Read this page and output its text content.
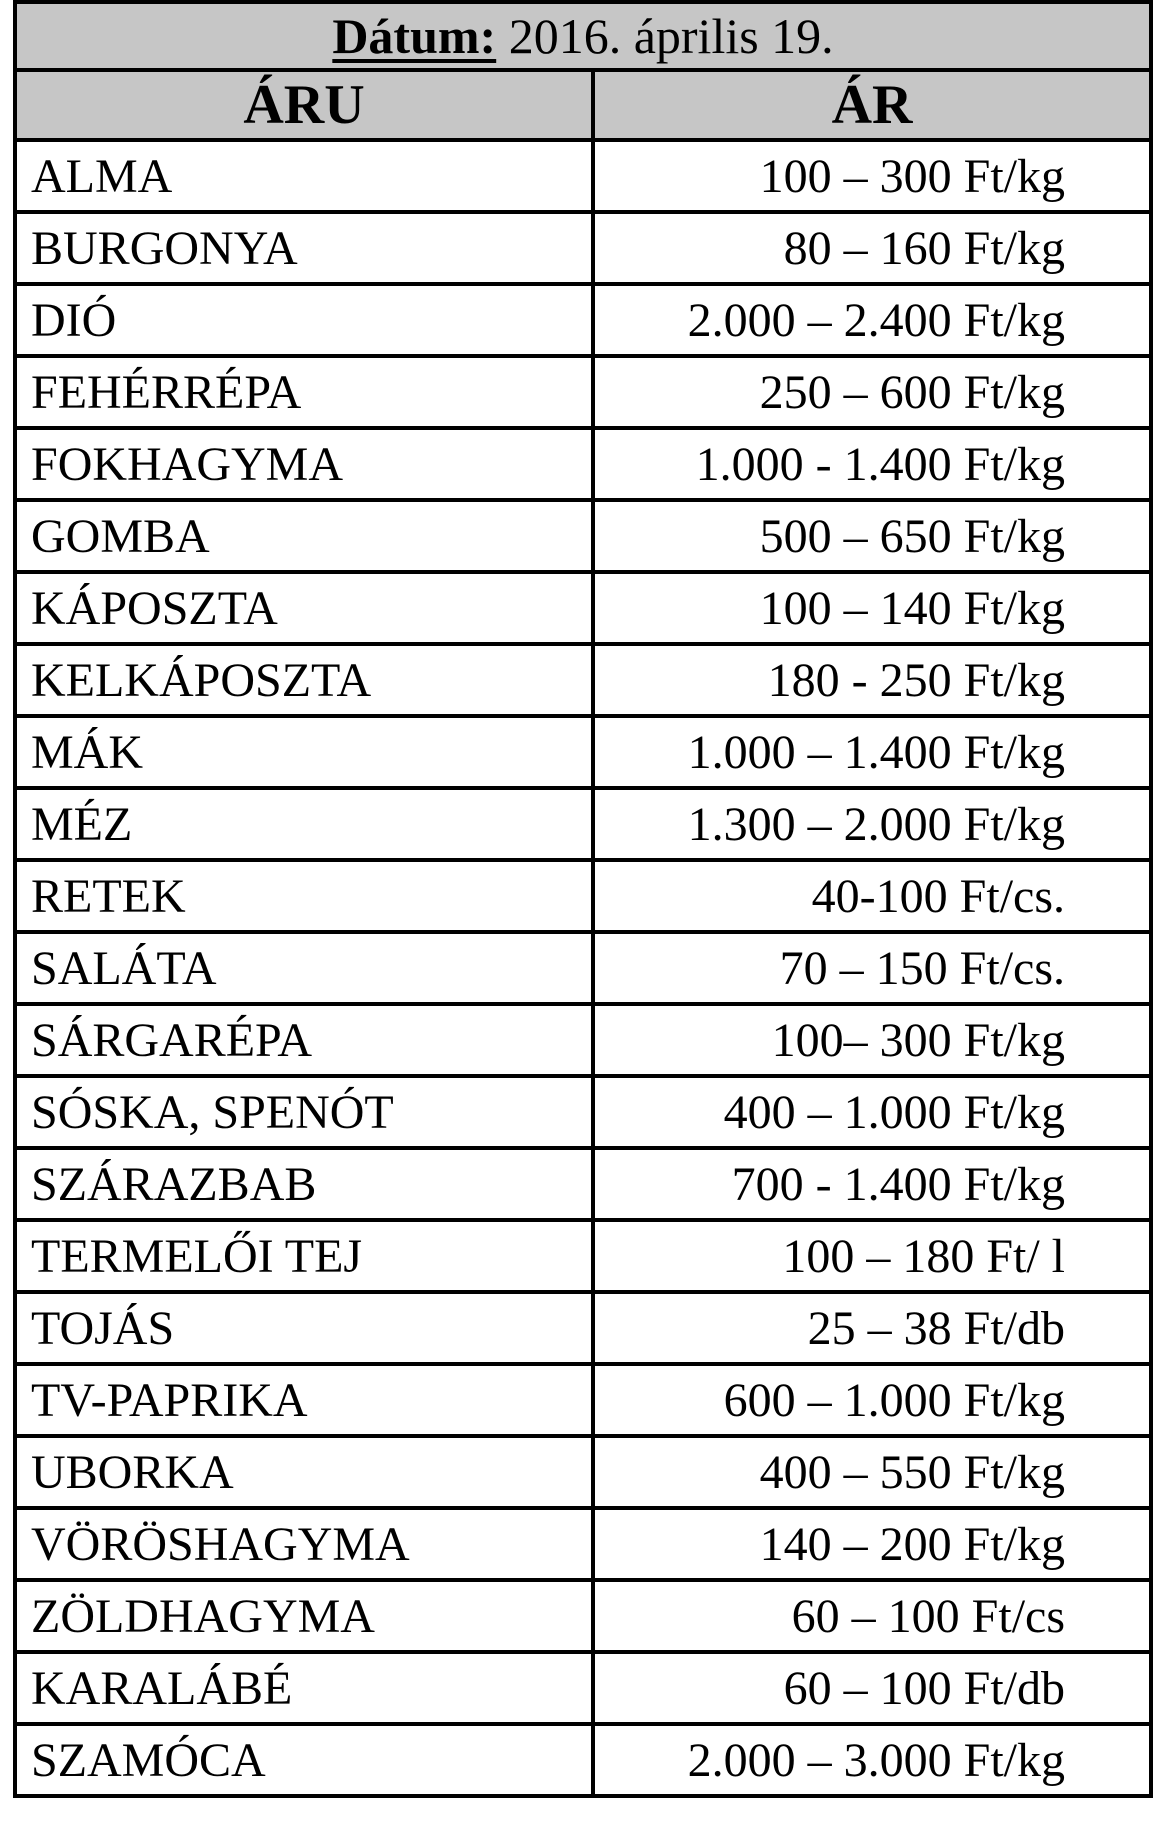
Dátum: 2016. április 19.	
ÁRU	ÁR
ALMA	100 – 300 Ft/kg
BURGONYA	80 – 160 Ft/kg
DIÓ	2.000 – 2.400 Ft/kg
FEHÉRRÉPA	250 – 600 Ft/kg
FOKHAGYMA	1.000 - 1.400 Ft/kg
GOMBA	500 – 650 Ft/kg
KÁPOSZTA	100 – 140 Ft/kg
KELKÁPOSZTA	180 - 250 Ft/kg
MÁK	1.000 – 1.400 Ft/kg
MÉZ	1.300 – 2.000 Ft/kg
RETEK	40-100 Ft/cs.
SALÁTA	70 – 150 Ft/cs.
SÁRGARÉPA	100– 300 Ft/kg
SÓSKA, SPENÓT	400 – 1.000 Ft/kg
SZÁRAZBAB	700 - 1.400 Ft/kg
TERMELŐI TEJ	100 – 180 Ft/ l
TOJÁS	25 – 38 Ft/db
TV-PAPRIKA	600 – 1.000 Ft/kg
UBORKA	400 – 550 Ft/kg
VÖRÖSHAGYMA	140 – 200 Ft/kg
ZÖLDHAGYMA	60 – 100 Ft/cs
KARALÁBÉ	60 – 100 Ft/db
SZAMÓCA	2.000 – 3.000 Ft/kg
